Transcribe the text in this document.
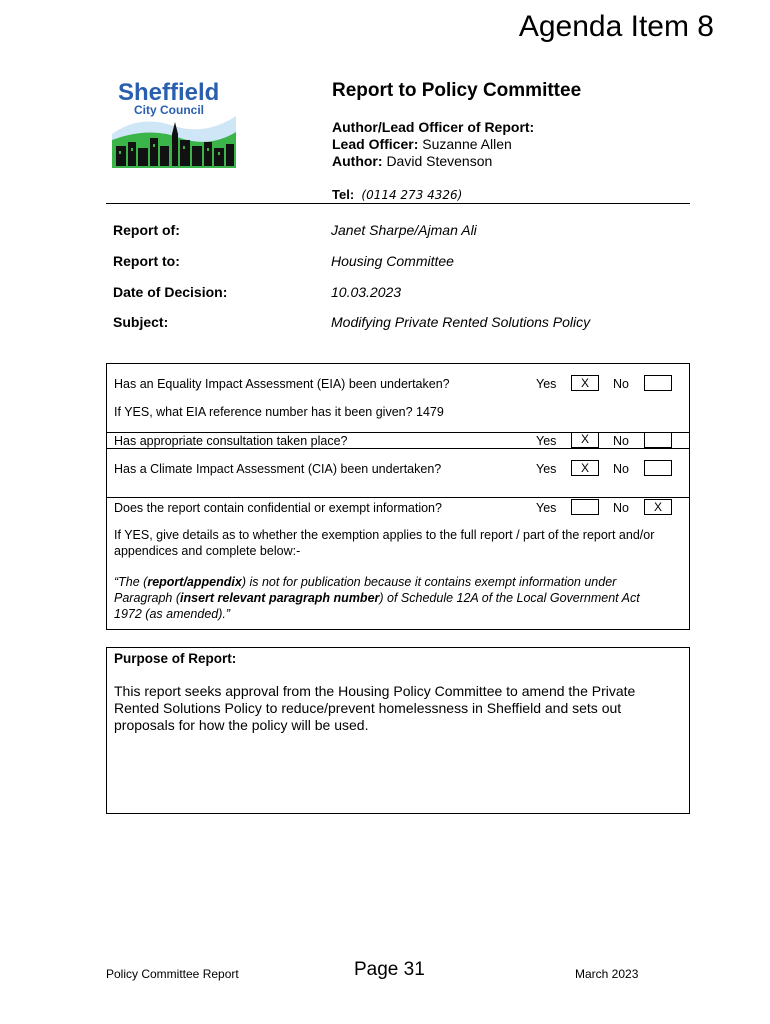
Agenda Item 8
Sheffield
City Council
Report to Policy Committee
Author/Lead Officer of Report:
Lead Officer: Suzanne Allen
Author: David Stevenson
Tel: (0114 273 4326)
Report of:	Janet Sharpe/Ajman Ali
Report to:	Housing Committee
Date of Decision:	10.03.2023
Subject:	Modifying Private Rented Solutions Policy
Has an Equality Impact Assessment (EIA) been undertaken?	Yes	X	No
If YES, what EIA reference number has it been given? 1479
Has appropriate consultation taken place?	Yes	X	No
Has a Climate Impact Assessment (CIA) been undertaken?	Yes	X	No
Does the report contain confidential or exempt information?	Yes	No	X
If YES, give details as to whether the exemption applies to the full report / part of the report and/or appendices and complete below:-
“The (report/appendix) is not for publication because it contains exempt information under Paragraph (insert relevant paragraph number) of Schedule 12A of the Local Government Act 1972 (as amended).”
Purpose of Report:
This report seeks approval from the Housing Policy Committee to amend the Private Rented Solutions Policy to reduce/prevent homelessness in Sheffield and sets out proposals for how the policy will be used.
Policy Committee Report	Page 31	March 2023
